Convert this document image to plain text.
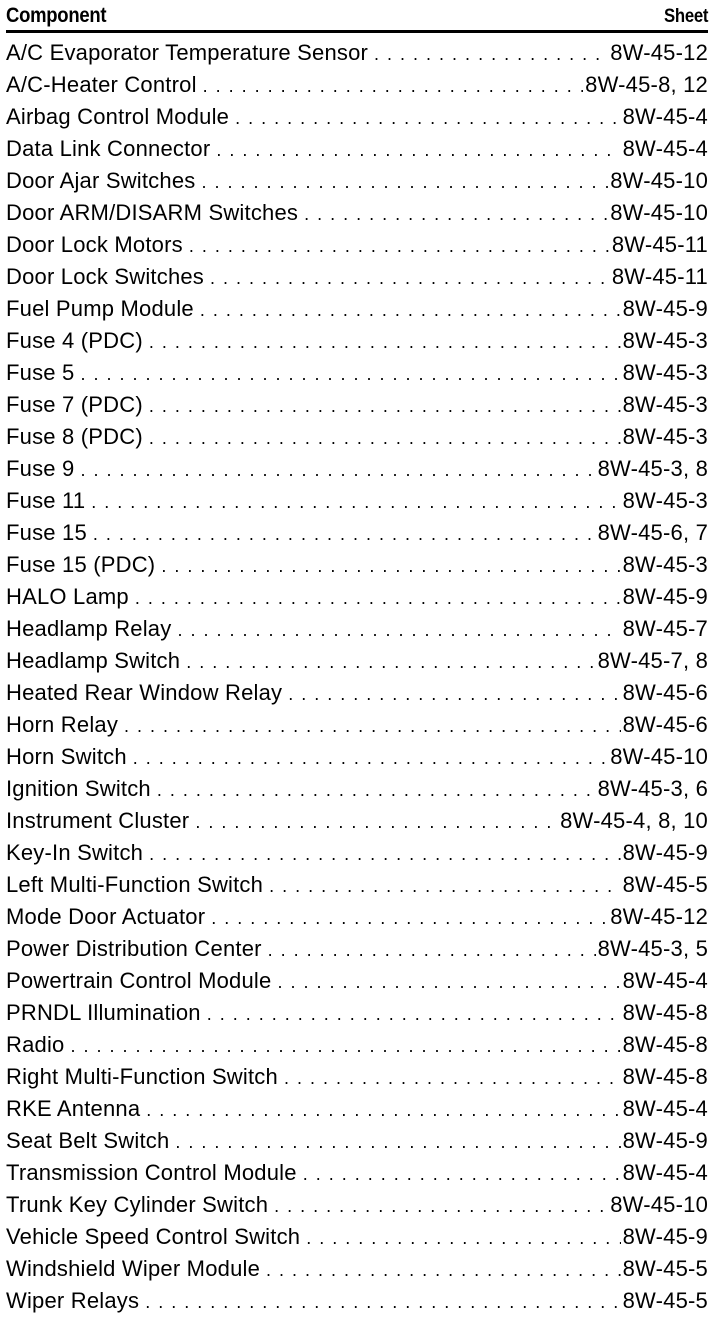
Component	Sheet
A/C Evaporator Temperature Sensor . . .	8W-45-12
A/C-Heater Control . . .	8W-45-8, 12
Airbag Control Module . . .	8W-45-4
Data Link Connector . . .	8W-45-4
Door Ajar Switches . . .	8W-45-10
Door ARM/DISARM Switches . . .	8W-45-10
Door Lock Motors . . .	8W-45-11
Door Lock Switches . . .	8W-45-11
Fuel Pump Module . . .	8W-45-9
Fuse 4 (PDC) . . .	8W-45-3
Fuse 5 . . .	8W-45-3
Fuse 7 (PDC) . . .	8W-45-3
Fuse 8 (PDC) . . .	8W-45-3
Fuse 9 . . .	8W-45-3, 8
Fuse 11 . . .	8W-45-3
Fuse 15 . . .	8W-45-6, 7
Fuse 15 (PDC) . . .	8W-45-3
HALO Lamp . . .	8W-45-9
Headlamp Relay . . .	8W-45-7
Headlamp Switch . . .	8W-45-7, 8
Heated Rear Window Relay . . .	8W-45-6
Horn Relay . . .	8W-45-6
Horn Switch . . .	8W-45-10
Ignition Switch . . .	8W-45-3, 6
Instrument Cluster . . .	8W-45-4, 8, 10
Key-In Switch . . .	8W-45-9
Left Multi-Function Switch . . .	8W-45-5
Mode Door Actuator . . .	8W-45-12
Power Distribution Center . . .	8W-45-3, 5
Powertrain Control Module . . .	8W-45-4
PRNDL Illumination . . .	8W-45-8
Radio . . .	8W-45-8
Right Multi-Function Switch . . .	8W-45-8
RKE Antenna . . .	8W-45-4
Seat Belt Switch . . .	8W-45-9
Transmission Control Module . . .	8W-45-4
Trunk Key Cylinder Switch . . .	8W-45-10
Vehicle Speed Control Switch . . .	8W-45-9
Windshield Wiper Module . . .	8W-45-5
Wiper Relays . . .	8W-45-5
